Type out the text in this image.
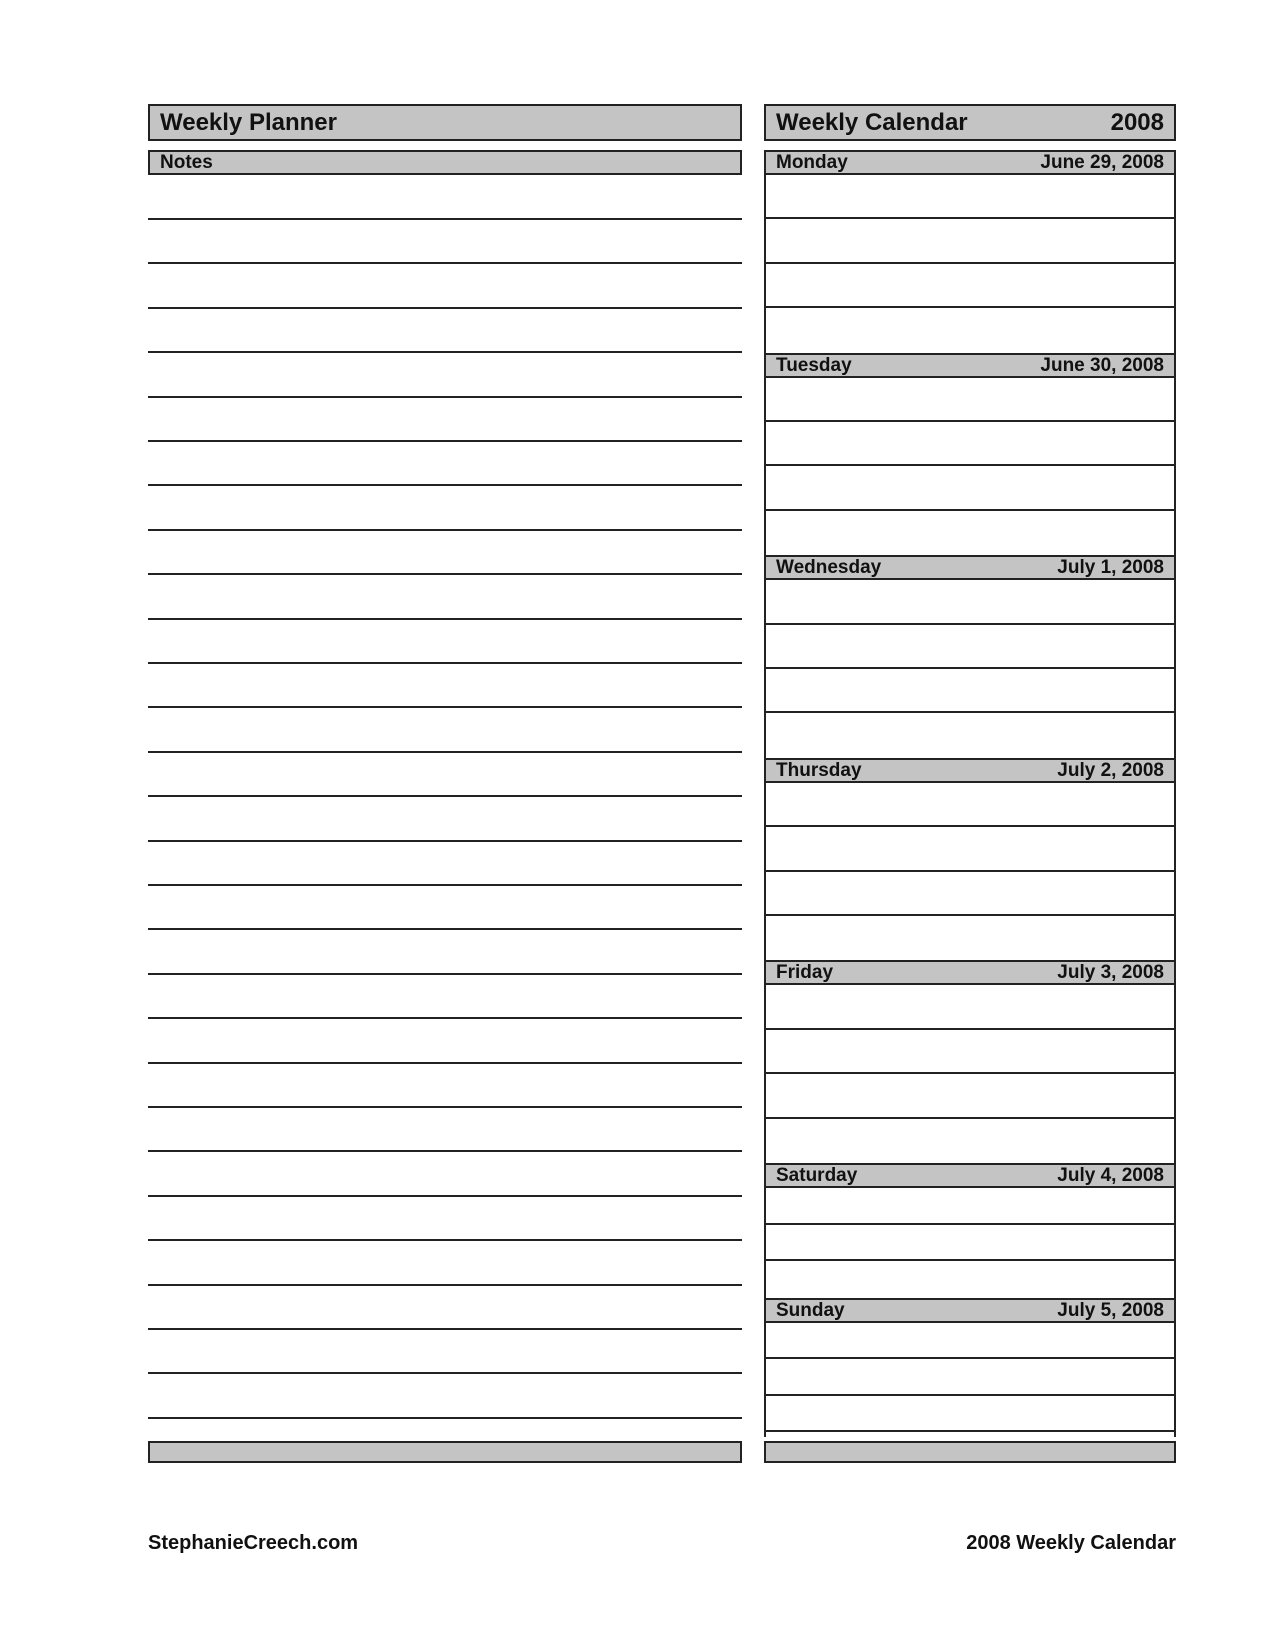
Weekly Planner
Notes
Weekly Calendar	2008
Monday	June 29, 2008
Tuesday	June 30, 2008
Wednesday	July 1, 2008
Thursday	July 2, 2008
Friday	July 3, 2008
Saturday	July 4, 2008
Sunday	July 5, 2008
StephanieCreech.com	2008 Weekly Calendar
